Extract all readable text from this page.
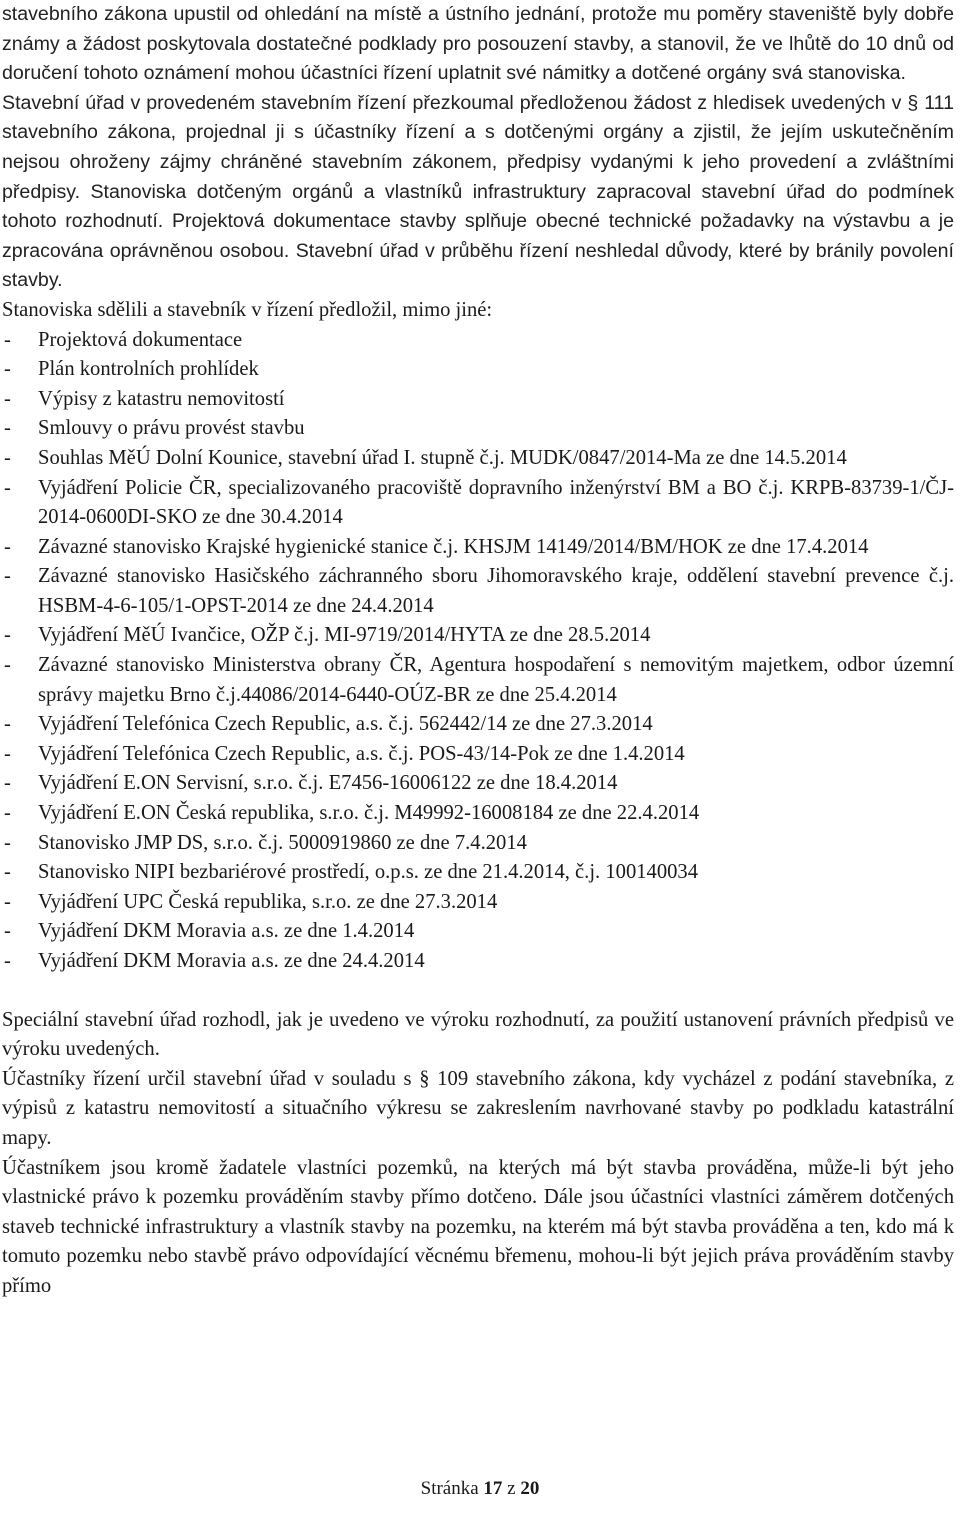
stavebního zákona upustil od ohledání na místě a ústního jednání, protože mu poměry staveniště byly dobře známy a žádost poskytovala dostatečné podklady pro posouzení stavby, a stanovil, že ve lhůtě do 10 dnů od doručení tohoto oznámení mohou účastníci řízení uplatnit své námitky a dotčené orgány svá stanoviska.

Stavební úřad v provedeném stavebním řízení přezkoumal předloženou žádost z hledisek uvedených v § 111 stavebního zákona, projednal ji s účastníky řízení a s dotčenými orgány a zjistil, že jejím uskutečněním nejsou ohroženy zájmy chráněné stavebním zákonem, předpisy vydanými k jeho provedení a zvláštními předpisy. Stanoviska dotčeným orgánů a vlastníků infrastruktury zapracoval stavební úřad do podmínek tohoto rozhodnutí. Projektová dokumentace stavby splňuje obecné technické požadavky na výstavbu a je zpracována oprávněnou osobou. Stavební úřad v průběhu řízení neshledal důvody, které by bránily povolení stavby.

Stanoviska sdělili a stavebník v řízení předložil, mimo jiné:

- Projektová dokumentace
- Plán kontrolních prohlídek
- Výpisy z katastru nemovitostí
- Smlouvy o právu provést stavbu
- Souhlas MěÚ Dolní Kounice, stavební úřad I. stupně č.j. MUDK/0847/2014-Ma ze dne 14.5.2014
- Vyjádření Policie ČR, specializovaného pracoviště dopravního inženýrství BM a BO č.j. KRPB-83739-1/ČJ-2014-0600DI-SKO ze dne 30.4.2014
- Závazné stanovisko Krajské hygienické stanice č.j. KHSJM 14149/2014/BM/HOK ze dne 17.4.2014
- Závazné stanovisko Hasičského záchranného sboru Jihomoravského kraje, oddělení stavební prevence č.j. HSBM-4-6-105/1-OPST-2014 ze dne 24.4.2014
- Vyjádření MěÚ Ivančice, OŽP č.j. MI-9719/2014/HYTA ze dne 28.5.2014
- Závazné stanovisko Ministerstva obrany ČR, Agentura hospodaření s nemovitým majetkem, odbor územní správy majetku Brno č.j.44086/2014-6440-OÚZ-BR ze dne 25.4.2014
- Vyjádření Telefónica Czech Republic, a.s. č.j. 562442/14 ze dne 27.3.2014
- Vyjádření Telefónica Czech Republic, a.s. č.j. POS-43/14-Pok ze dne 1.4.2014
- Vyjádření E.ON Servisní, s.r.o. č.j. E7456-16006122 ze dne 18.4.2014
- Vyjádření E.ON Česká republika, s.r.o. č.j. M49992-16008184 ze dne 22.4.2014
- Stanovisko JMP DS, s.r.o. č.j. 5000919860 ze dne 7.4.2014
- Stanovisko NIPI bezbariérové prostředí, o.p.s. ze dne 21.4.2014, č.j. 100140034
- Vyjádření UPC Česká republika, s.r.o. ze dne 27.3.2014
- Vyjádření DKM Moravia a.s. ze dne 1.4.2014
- Vyjádření DKM Moravia a.s. ze dne 24.4.2014

Speciální stavební úřad rozhodl, jak je uvedeno ve výroku rozhodnutí, za použití ustanovení právních předpisů ve výroku uvedených.

Účastníky řízení určil stavební úřad v souladu s § 109 stavebního zákona, kdy vycházel z podání stavebníka, z výpisů z katastru nemovitostí a situačního výkresu se zakreslením navrhované stavby po podkladu katastrální mapy.

Účastníkem jsou kromě žadatele vlastníci pozemků, na kterých má být stavba prováděna, může-li být jeho vlastnické právo k pozemku prováděním stavby přímo dotčeno. Dále jsou účastníci vlastníci záměrem dotčených staveb technické infrastruktury a vlastník stavby na pozemku, na kterém má být stavba prováděna a ten, kdo má k tomuto pozemku nebo stavbě právo odpovídající věcnému břemenu, mohou-li být jejich práva prováděním stavby přímo

Stránka 17 z 20
